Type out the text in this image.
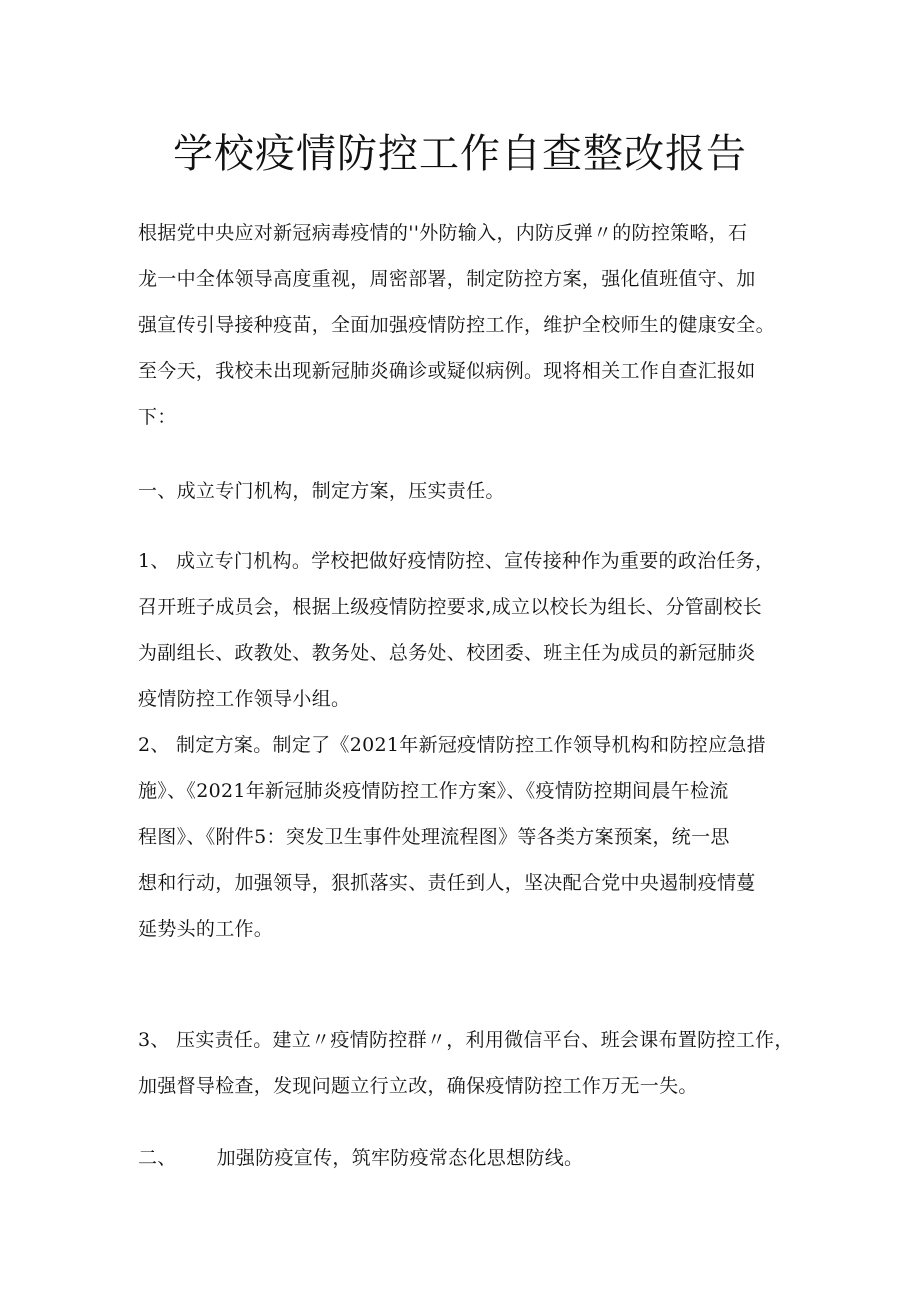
学校疫情防控工作自查整改报告

根据党中央应对新冠病毒疫情的''外防输入，内防反弹〃的防控策略，石
龙一中全体领导高度重视，周密部署，制定防控方案，强化值班值守、加
强宣传引导接种疫苗，全面加强疫情防控工作，维护全校师生的健康安全。
至今天，我校未出现新冠肺炎确诊或疑似病例。现将相关工作自查汇报如
下：

一、成立专门机构，制定方案，压实责任。

1、 成立专门机构。学校把做好疫情防控、宣传接种作为重要的政治任务，
召开班子成员会，根据上级疫情防控要求,成立以校长为组长、分管副校长
为副组长、政教处、教务处、总务处、校团委、班主任为成员的新冠肺炎
疫情防控工作领导小组。

2、 制定方案。制定了《2021年新冠疫情防控工作领导机构和防控应急措
施》、《2021年新冠肺炎疫情防控工作方案》、《疫情防控期间晨午检流
程图》、《附件5：突发卫生事件处理流程图》等各类方案预案，统一思
想和行动，加强领导，狠抓落实、责任到人，坚决配合党中央遏制疫情蔓
延势头的工作。

3、 压实责任。建立〃疫情防控群〃，利用微信平台、班会课布置防控工作，
加强督导检查，发现问题立行立改，确保疫情防控工作万无一失。

二、 加强防疫宣传，筑牢防疫常态化思想防线。
